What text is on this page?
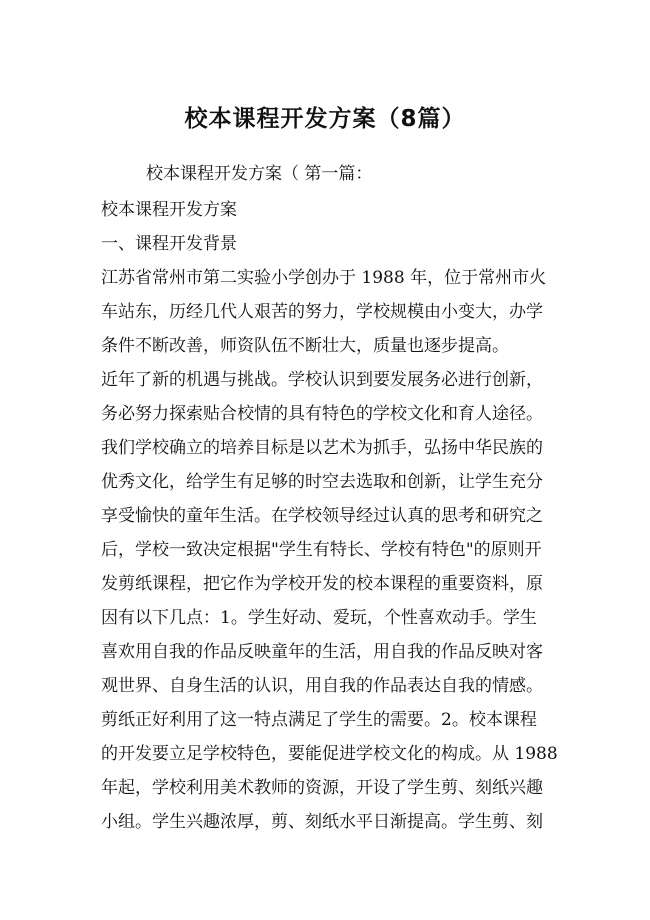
校本课程开发方案（8篇）
校本课程开发方案（ 第一篇：
校本课程开发方案
一、课程开发背景
江苏省常州市第二实验小学创办于 1988 年，位于常州市火
车站东，历经几代人艰苦的努力，学校规模由小变大，办学
条件不断改善，师资队伍不断壮大，质量也逐步提高。
近年了新的机遇与挑战。学校认识到要发展务必进行创新，
务必努力探索贴合校情的具有特色的学校文化和育人途径。
我们学校确立的培养目标是以艺术为抓手，弘扬中华民族的
优秀文化，给学生有足够的时空去选取和创新，让学生充分
享受愉快的童年生活。在学校领导经过认真的思考和研究之
后，学校一致决定根据"学生有特长、学校有特色"的原则开
发剪纸课程，把它作为学校开发的校本课程的重要资料，原
因有以下几点：1。学生好动、爱玩，个性喜欢动手。学生
喜欢用自我的作品反映童年的生活，用自我的作品反映对客
观世界、自身生活的认识，用自我的作品表达自我的情感。
剪纸正好利用了这一特点满足了学生的需要。2。校本课程
的开发要立足学校特色，要能促进学校文化的构成。从 1988
年起，学校利用美术教师的资源，开设了学生剪、刻纸兴趣
小组。学生兴趣浓厚，剪、刻纸水平日渐提高。学生剪、刻
